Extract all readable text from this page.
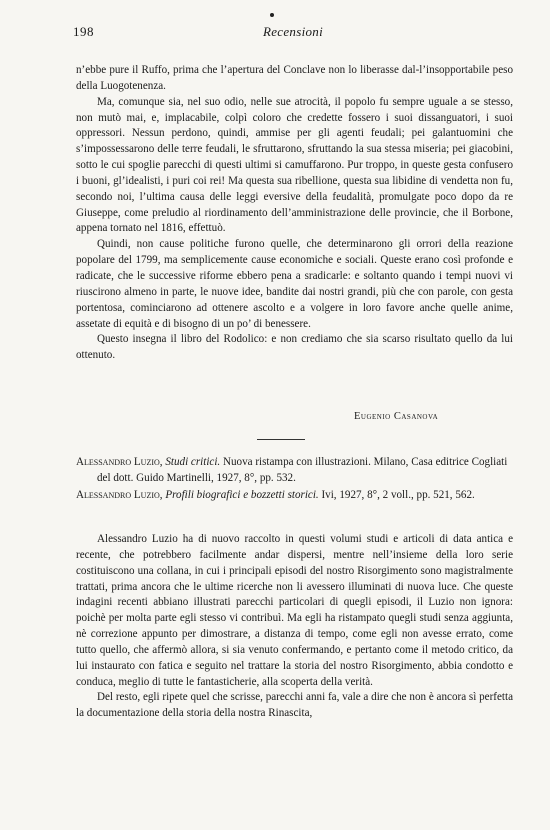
198	Recensioni

n’ebbe pure il Ruffo, prima che l’apertura del Conclave non lo liberasse dal-l’insopportabile peso della Luogotenenza.

Ma, comunque sia, nel suo odio, nelle sue atrocità, il popolo fu sempre uguale a se stesso, non mutò mai, e, implacabile, colpì coloro che credette fossero i suoi dissanguatori, i suoi oppressori. Nessun perdono, quindi, ammise per gli agenti feudali; pei galantuomini che s’impossessarono delle terre feudali, le sfruttarono, sfruttando la sua stessa miseria; pei giacobini, sotto le cui spoglie parecchi di questi ultimi si camuffarono. Pur troppo, in queste gesta confusero i buoni, gl’idealisti, i puri coi rei! Ma questa sua ribellione, questa sua libidine di vendetta non fu, secondo noi, l’ultima causa delle leggi eversive della feudalità, promulgate poco dopo da re Giuseppe, come preludio al riordinamento dell’amministrazione delle provincie, che il Borbone, appena tornato nel 1816, effettuò.

Quindi, non cause politiche furono quelle, che determinarono gli orrori della reazione popolare del 1799, ma semplicemente cause economiche e sociali. Queste erano così profonde e radicate, che le successive riforme ebbero pena a sradicarle: e soltanto quando i tempi nuovi vi riuscirono almeno in parte, le nuove idee, bandite dai nostri grandi, più che con parole, con gesta portentosa, cominciarono ad ottenere ascolto e a volgere in loro favore anche quelle anime, assetate di equità e di bisogno di un po’ di benessere.

Questo insegna il libro del Rodolico: e non crediamo che sia scarso risultato quello da lui ottenuto.

Eugenio Casanova
Alessandro Luzio, Studi critici. Nuova ristampa con illustrazioni. Milano, Casa editrice Cogliati del dott. Guido Martinelli, 1927, 8°, pp. 532.
Alessandro Luzio, Profili biografici e bozzetti storici. Ivi, 1927, 8°, 2 voll., pp. 521, 562.

Alessandro Luzio ha di nuovo raccolto in questi volumi studi e articoli di data antica e recente, che potrebbero facilmente andar dispersi, mentre nell’insieme della loro serie costituiscono una collana, in cui i principali episodi del nostro Risorgimento sono magistralmente trattati, prima ancora che le ultime ricerche non li avessero illuminati di nuova luce. Che queste indagini recenti abbiano illustrati parecchi particolari di quegli episodi, il Luzio non ignora: poichè per molta parte egli stesso vi contribuì. Ma egli ha ristampato quegli studi senza aggiunta, nè correzione appunto per dimostrare, a distanza di tempo, come egli non avesse errato, come tutto quello, che affermò allora, si sia venuto confermando, e pertanto come il metodo critico, da lui instaurato con fatica e seguito nel trattare la storia del nostro Risorgimento, abbia condotto e conduca, meglio di tutte le fantasticherie, alla scoperta della verità.

Del resto, egli ripete quel che scrisse, parecchi anni fa, vale a dire che non è ancora sì perfetta la documentazione della storia della nostra Rinascita,
